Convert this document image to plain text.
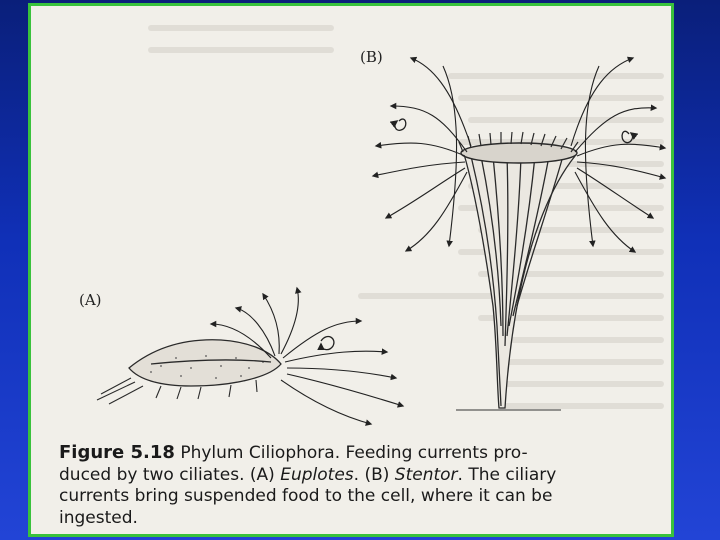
(B)
(A)
Figure 5.18 Phylum Ciliophora. Feeding currents pro-
duced by two ciliates. (A) Euplotes. (B) Stentor. The ciliary
currents bring suspended food to the cell, where it can be
ingested.
